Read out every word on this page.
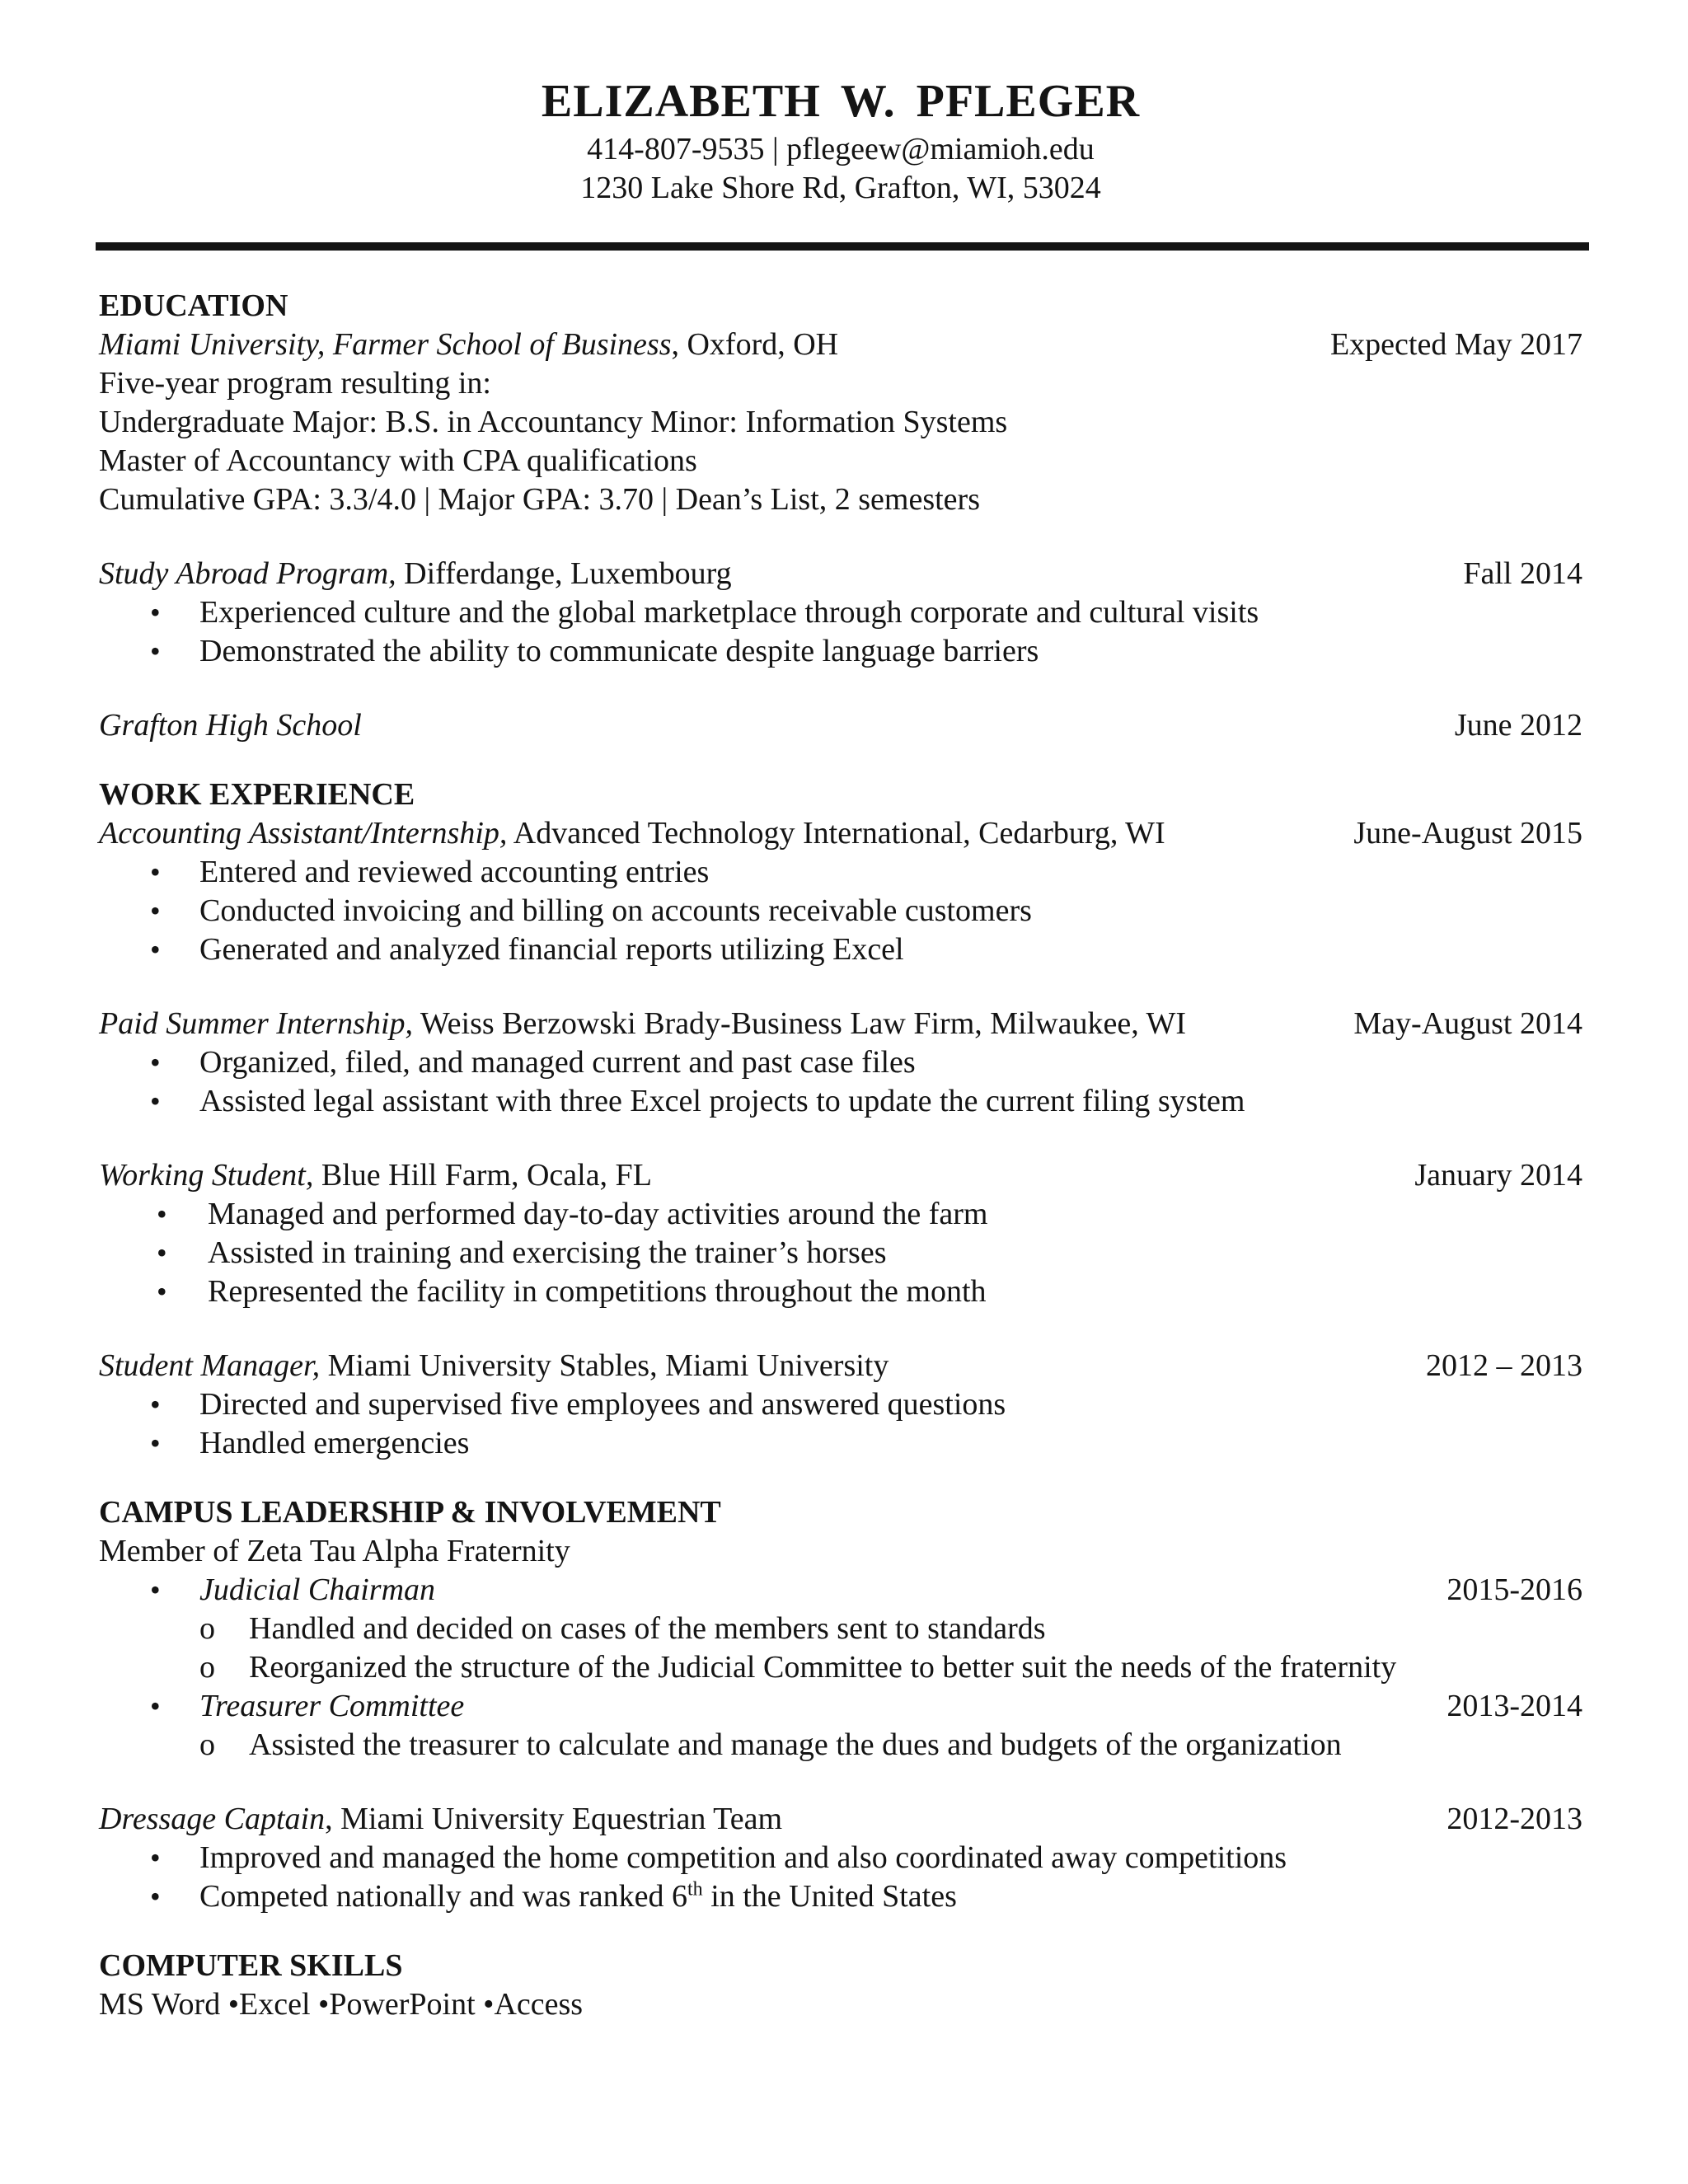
ELIZABETH W. PFLEGER
414-807-9535 | pflegeew@miamioh.edu
1230 Lake Shore Rd, Grafton, WI, 53024
EDUCATION
Miami University, Farmer School of Business, Oxford, OH	Expected May 2017
Five-year program resulting in:
Undergraduate Major: B.S. in Accountancy Minor: Information Systems
Master of Accountancy with CPA qualifications
Cumulative GPA: 3.3/4.0 | Major GPA: 3.70 | Dean’s List, 2 semesters
Study Abroad Program, Differdange, Luxembourg	Fall 2014
• Experienced culture and the global marketplace through corporate and cultural visits
• Demonstrated the ability to communicate despite language barriers
Grafton High School	June 2012
WORK EXPERIENCE
Accounting Assistant/Internship, Advanced Technology International, Cedarburg, WI	June-August 2015
• Entered and reviewed accounting entries
• Conducted invoicing and billing on accounts receivable customers
• Generated and analyzed financial reports utilizing Excel
Paid Summer Internship, Weiss Berzowski Brady-Business Law Firm, Milwaukee, WI	May-August 2014
• Organized, filed, and managed current and past case files
• Assisted legal assistant with three Excel projects to update the current filing system
Working Student, Blue Hill Farm, Ocala, FL	January 2014
• Managed and performed day-to-day activities around the farm
• Assisted in training and exercising the trainer’s horses
• Represented the facility in competitions throughout the month
Student Manager, Miami University Stables, Miami University	2012 – 2013
• Directed and supervised five employees and answered questions
• Handled emergencies
CAMPUS LEADERSHIP & INVOLVEMENT
Member of Zeta Tau Alpha Fraternity
• Judicial Chairman	2015-2016
o Handled and decided on cases of the members sent to standards
o Reorganized the structure of the Judicial Committee to better suit the needs of the fraternity
• Treasurer Committee	2013-2014
o Assisted the treasurer to calculate and manage the dues and budgets of the organization
Dressage Captain, Miami University Equestrian Team	2012-2013
• Improved and managed the home competition and also coordinated away competitions
• Competed nationally and was ranked 6th in the United States
COMPUTER SKILLS
MS Word •Excel •PowerPoint •Access
